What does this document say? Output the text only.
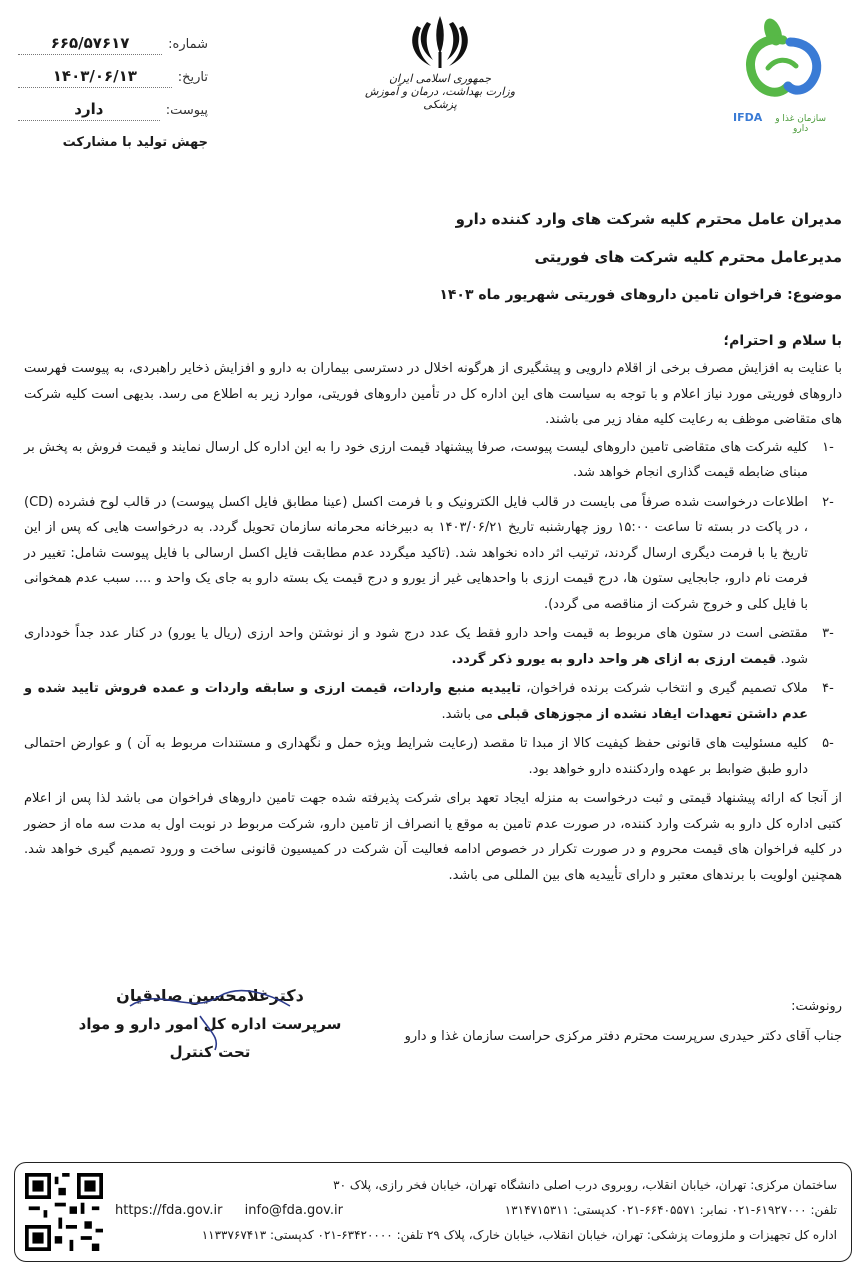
شماره:
۶۶۵/۵۷۶۱۷
تاریخ:
۱۴۰۳/۰۶/۱۳
پیوست:
دارد
جهش تولید با مشارکت
جمهوری اسلامی ایران
وزارت بهداشت، درمان و آموزش پزشکی
IFDA	سازمان غذا و دارو

مدیران عامل محترم کلیه شرکت های وارد کننده دارو

مدیرعامل محترم کلیه شرکت های فوریتی

موضوع: فراخوان تامین داروهای فوریتی شهریور ماه ۱۴۰۳
با سلام و احترام؛
با عنایت به افزایش مصرف برخی از اقلام دارویی و پیشگیری از هرگونه اخلال در دسترسی بیماران به دارو و افزایش ذخایر راهبردی، به پیوست فهرست داروهای فوریتی مورد نیاز اعلام و با توجه به سیاست های این اداره کل در تأمین داروهای فوریتی، موارد زیر به اطلاع می رسد. بدیهی است کلیه شرکت های متقاضی موظف به رعایت کلیه مفاد زیر می باشند.
-۱
کلیه شرکت های متقاضی تامین داروهای لیست پیوست، صرفا پیشنهاد قیمت ارزی خود را به این اداره کل ارسال نمایند و قیمت فروش به پخش بر مبنای ضابطه قیمت گذاری انجام خواهد شد.
-۲
اطلاعات درخواست شده صرفاً می بایست در قالب فایل الکترونیک و با فرمت اکسل (عینا مطابق فایل اکسل پیوست) در قالب لوح فشرده (CD) ، در پاکت در بسته تا ساعت ۱۵:۰۰ روز چهارشنبه تاریخ ۱۴۰۳/۰۶/۲۱ به دبیرخانه محرمانه سازمان تحویل گردد. به درخواست هایی که پس از این تاریخ یا با فرمت دیگری ارسال گردند، ترتیب اثر داده نخواهد شد. (تاکید میگردد عدم مطابقت فایل اکسل ارسالی با فایل پیوست شامل: تغییر در فرمت نام دارو، جابجایی ستون ها، درج قیمت ارزی با واحدهایی غیر از یورو و درج قیمت یک بسته دارو به جای یک واحد و .... سبب عدم همخوانی با فایل کلی و خروج شرکت از مناقصه می گردد).
-۳
مقتضی است در ستون های مربوط به قیمت واحد دارو فقط یک عدد درج شود و از نوشتن واحد ارزی (ریال یا یورو) در کنار عدد جداً خودداری شود. قیمت ارزی به ازای هر واحد دارو به یورو ذکر گردد.
-۴
ملاک تصمیم گیری و انتخاب شرکت برنده فراخوان، تاییدیه منبع واردات، قیمت ارزی و سابقه واردات و عمده فروش تایید شده و عدم داشتن تعهدات ایفاد نشده از مجوزهای قبلی می باشد.
-۵
کلیه مسئولیت های قانونی حفظ کیفیت کالا از مبدا تا مقصد (رعایت شرایط ویژه حمل و نگهداری و مستندات مربوط به آن ) و عوارض احتمالی دارو طبق ضوابط بر عهده واردکننده دارو خواهد بود.
از آنجا که ارائه پیشنهاد قیمتی و ثبت درخواست به منزله ایجاد تعهد برای شرکت پذیرفته شده جهت تامین داروهای فراخوان می باشد لذا پس از اعلام کتبی اداره کل دارو به شرکت وارد کننده، در صورت عدم تامین به موقع یا انصراف از تامین دارو، شرکت مربوط در نوبت اول به مدت سه ماه از حضور در کلیه فراخوان های قیمت محروم و در صورت تکرار در خصوص ادامه فعالیت آن شرکت در کمیسیون قانونی ساخت و ورود تصمیم گیری خواهد شد. همچنین اولویت با برندهای معتبر و دارای تأییدیه های بین المللی می باشد.
دکترغلامحسین صادقیان
سرپرست اداره کل امور دارو و مواد تحت کنترل
رونوشت:
جناب آقای دکتر حیدری سرپرست محترم دفتر مرکزی حراست سازمان غذا و دارو
ساختمان مرکزی: تهران، خیابان انقلاب، روبروی درب اصلی دانشگاه تهران، خیابان فخر رازی، پلاک ۳۰
تلفن: ۶۱۹۲۷۰۰۰-۰۲۱ نمابر: ۶۶۴۰۵۵۷۱-۰۲۱ کدپستی: ۱۳۱۴۷۱۵۳۱۱
https://fda.gov.ir info@fda.gov.ir
اداره کل تجهیزات و ملزومات پزشکی: تهران، خیابان انقلاب، خیابان خارک، پلاک ۲۹ تلفن: ۶۳۴۲۰۰۰۰-۰۲۱ کدپستی: ۱۱۳۳۷۶۷۴۱۳
